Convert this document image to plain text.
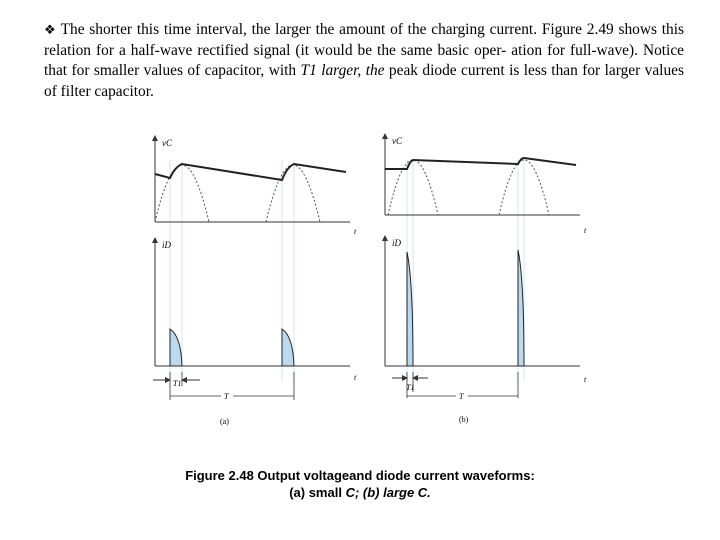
❖ The shorter this time interval, the larger the amount of the charging current. Figure 2.49 shows this relation for a half-wave rectified signal (it would be the same basic oper- ation for full-wave). Notice that for smaller values of capacitor, with T1 larger, the peak diode current is less than for larger values of filter capacitor.

vC
t
iD
t
T1
T
(a)
vC
t
iD
t
T1
T
(b)
Figure 2.48 Output voltageand diode current waveforms:
(a) small C; (b) large C.
